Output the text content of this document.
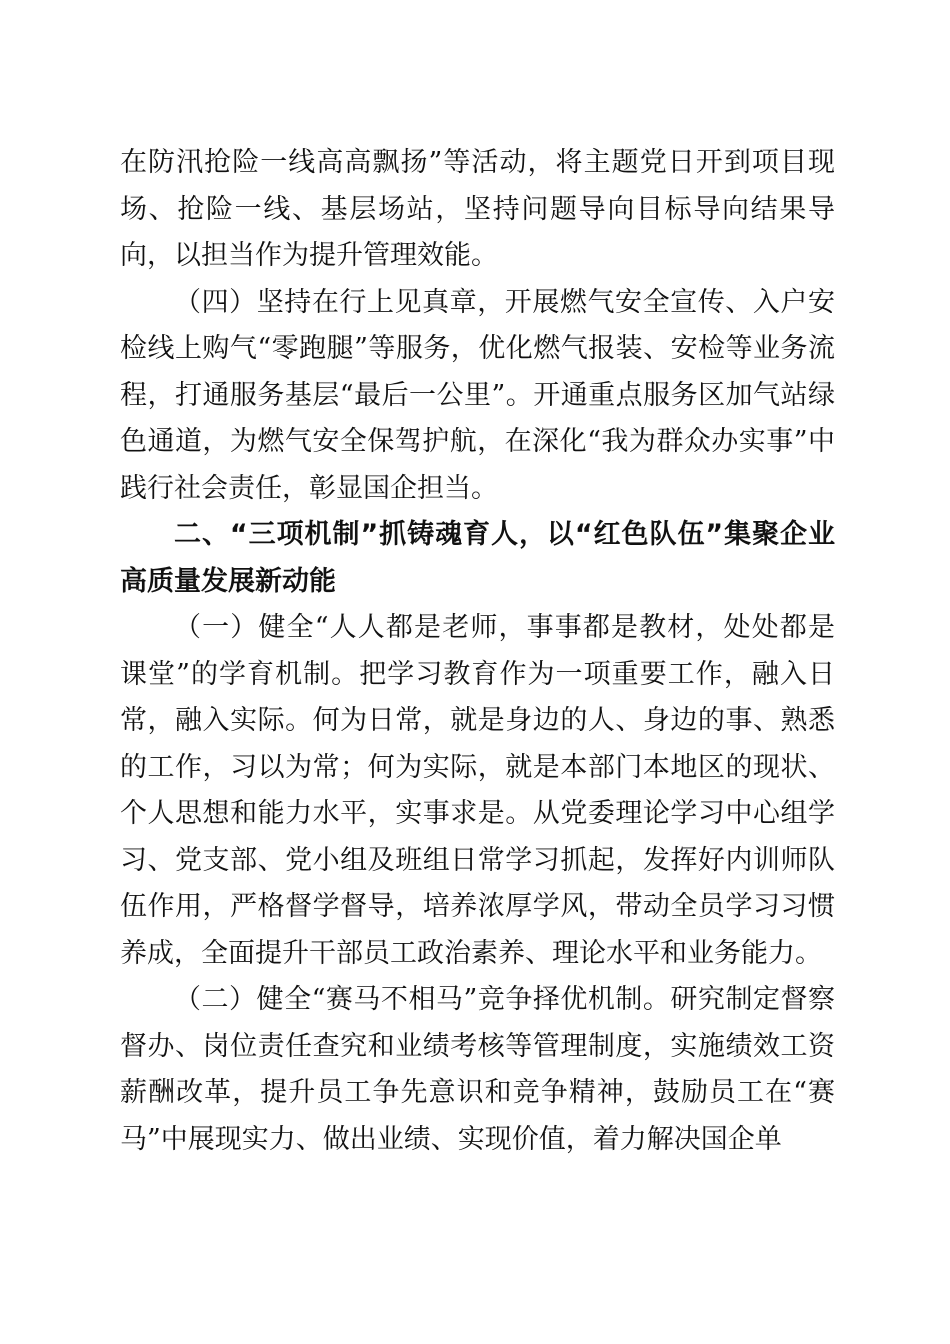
在防汛抢险一线高高飘扬”等活动，将主题党日开到项目现场、抢险一线、基层场站，坚持问题导向目标导向结果导向，以担当作为提升管理效能。

（四）坚持在行上见真章，开展燃气安全宣传、入户安检线上购气“零跑腿”等服务，优化燃气报装、安检等业务流程，打通服务基层“最后一公里”。开通重点服务区加气站绿色通道，为燃气安全保驾护航，在深化“我为群众办实事”中践行社会责任，彰显国企担当。

二、“三项机制”抓铸魂育人，以“红色队伍”集聚企业高质量发展新动能

（一）健全“人人都是老师，事事都是教材，处处都是课堂”的学育机制。把学习教育作为一项重要工作，融入日常，融入实际。何为日常，就是身边的人、身边的事、熟悉的工作，习以为常；何为实际，就是本部门本地区的现状、个人思想和能力水平，实事求是。从党委理论学习中心组学习、党支部、党小组及班组日常学习抓起，发挥好内训师队伍作用，严格督学督导，培养浓厚学风，带动全员学习习惯养成，全面提升干部员工政治素养、理论水平和业务能力。

（二）健全“赛马不相马”竞争择优机制。研究制定督察督办、岗位责任查究和业绩考核等管理制度，实施绩效工资薪酬改革，提升员工争先意识和竞争精神，鼓励员工在“赛马”中展现实力、做出业绩、实现价值，着力解决国企单
